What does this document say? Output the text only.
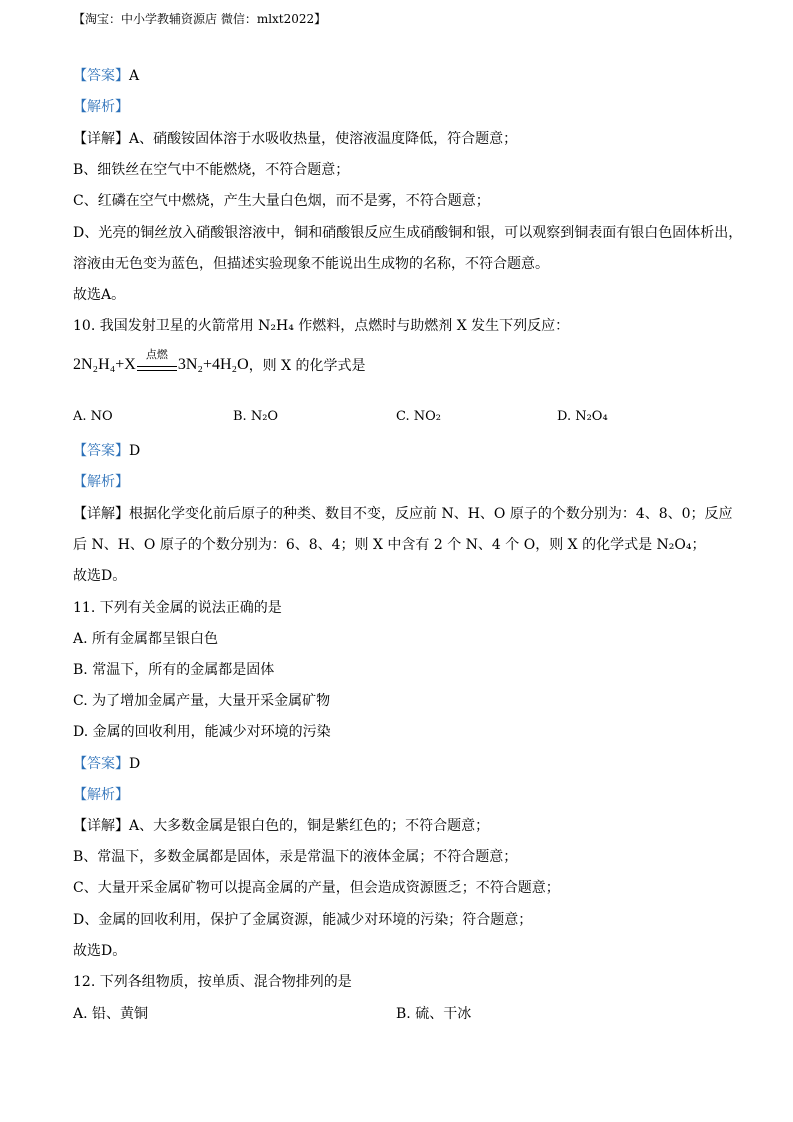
【淘宝：中小学教辅资源店 微信：mlxt2022】
【答案】A
【解析】
【详解】A、硝酸铵固体溶于水吸收热量，使溶液温度降低，符合题意；
B、细铁丝在空气中不能燃烧，不符合题意；
C、红磷在空气中燃烧，产生大量白色烟，而不是雾，不符合题意；
D、光亮的铜丝放入硝酸银溶液中，铜和硝酸银反应生成硝酸铜和银，可以观察到铜表面有银白色固体析出，
溶液由无色变为蓝色，但描述实验现象不能说出生成物的名称，不符合题意。
故选A。
10. 我国发射卫星的火箭常用 N₂H₄ 作燃料，点燃时与助燃剂 X 发生下列反应：
2N₂H₄+X
点燃
3N₂+4H₂O，则 X 的化学式是
A. NO	B. N₂O	C. NO₂	D. N₂O₄
【答案】D
【解析】
【详解】根据化学变化前后原子的种类、数目不变，反应前 N、H、O 原子的个数分别为：4、8、0；反应
后 N、H、O 原子的个数分别为：6、8、4；则 X 中含有 2 个 N、4 个 O，则 X 的化学式是 N₂O₄；
故选D。
11. 下列有关金属的说法正确的是
A. 所有金属都呈银白色
B. 常温下，所有的金属都是固体
C. 为了增加金属产量，大量开采金属矿物
D. 金属的回收利用，能减少对环境的污染
【答案】D
【解析】
【详解】A、大多数金属是银白色的，铜是紫红色的；不符合题意；
B、常温下，多数金属都是固体，汞是常温下的液体金属；不符合题意；
C、大量开采金属矿物可以提高金属的产量，但会造成资源匮乏；不符合题意；
D、金属的回收利用，保护了金属资源，能减少对环境的污染；符合题意；
故选D。
12. 下列各组物质，按单质、混合物排列的是
A. 铅、黄铜	B. 硫、干冰
